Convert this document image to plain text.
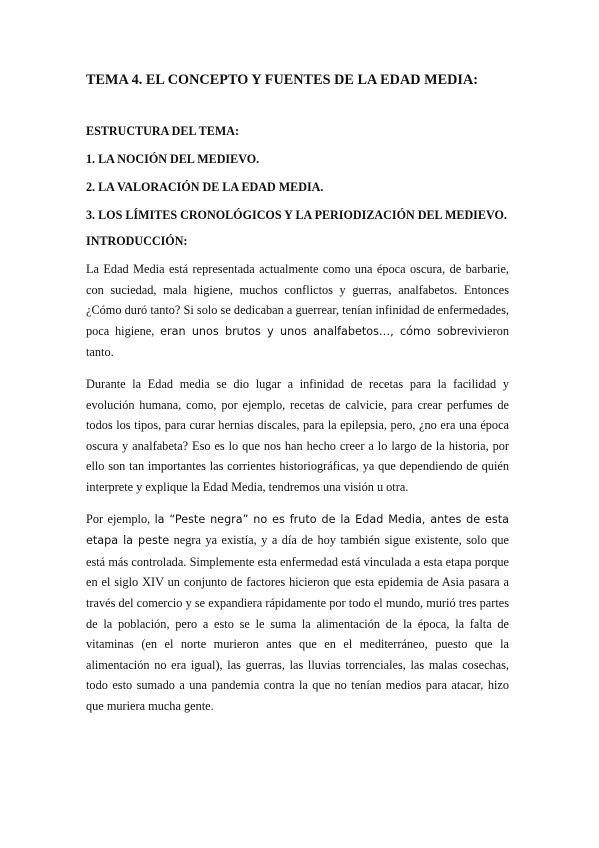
TEMA 4. EL CONCEPTO Y FUENTES DE LA EDAD MEDIA:

ESTRUCTURA DEL TEMA:

1. LA NOCIÓN DEL MEDIEVO.

2. LA VALORACIÓN DE LA EDAD MEDIA.

3. LOS LÍMITES CRONOLÓGICOS Y LA PERIODIZACIÓN DEL MEDIEVO.

INTRODUCCIÓN:

La Edad Media está representada actualmente como una época oscura, de barbarie, con suciedad, mala higiene, muchos conflictos y guerras, analfabetos. Entonces ¿Cómo duró tanto? Si solo se dedicaban a guerrear, tenían infinidad de enfermedades, poca higiene, eran unos brutos y unos analfabetos…, cómo sobrevivieron tanto.

Durante la Edad media se dio lugar a infinidad de recetas para la facilidad y evolución humana, como, por ejemplo, recetas de calvicie, para crear perfumes de todos los tipos, para curar hernias discales, para la epilepsia, pero, ¿no era una época oscura y analfabeta? Eso es lo que nos han hecho creer a lo largo de la historia, por ello son tan importantes las corrientes historiográficas, ya que dependiendo de quién interprete y explique la Edad Media, tendremos una visión u otra.

Por ejemplo, la “Peste negra” no es fruto de la Edad Media, antes de esta etapa la peste negra ya existía, y a día de hoy también sigue existente, solo que está más controlada. Simplemente esta enfermedad está vinculada a esta etapa porque en el siglo XIV un conjunto de factores hicieron que esta epidemia de Asia pasara a través del comercio y se expandiera rápidamente por todo el mundo, murió tres partes de la población, pero a esto se le suma la alimentación de la época, la falta de vitaminas (en el norte murieron antes que en el mediterráneo, puesto que la alimentación no era igual), las guerras, las lluvias torrenciales, las malas cosechas, todo esto sumado a una pandemia contra la que no tenían medios para atacar, hizo que muriera mucha gente.
